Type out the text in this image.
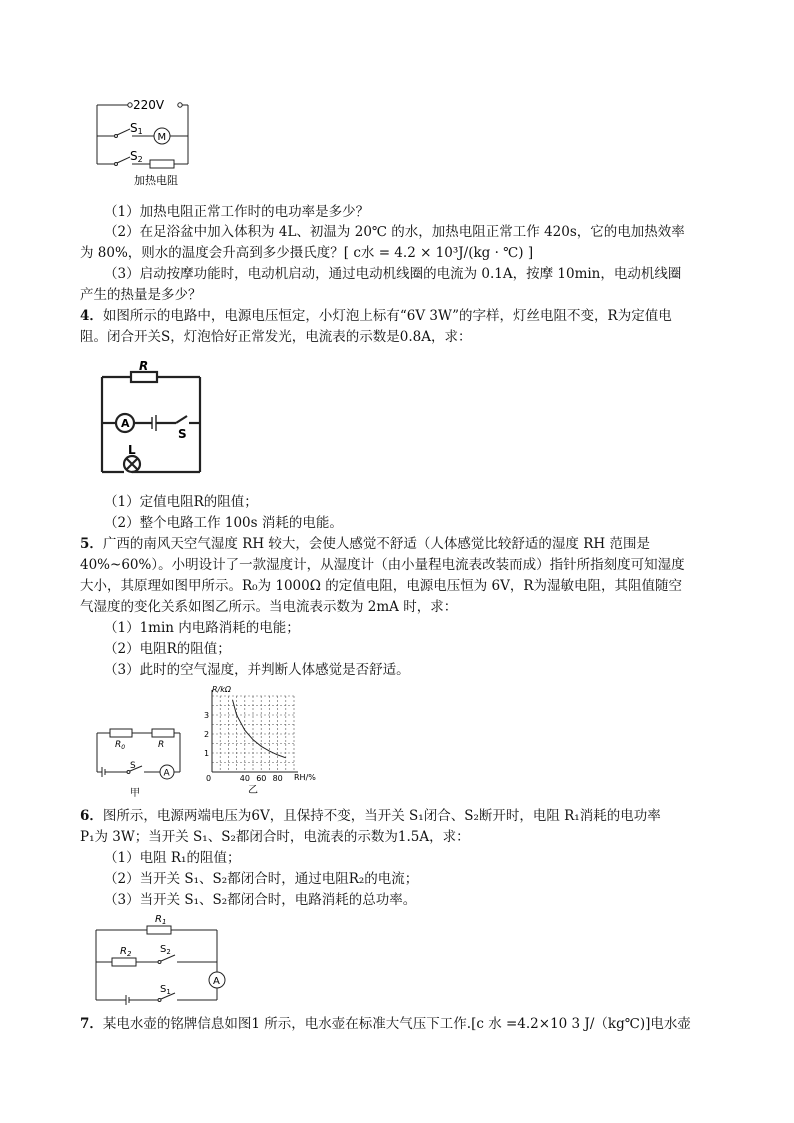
220V
S1
M
S2
加热电阻
（1）加热电阻正常工作时的电功率是多少？
（2）在足浴盆中加入体积为 4L、初温为 20℃ 的水，加热电阻正常工作 420s，它的电加热效率
为 80%，则水的温度会升高到多少摄氏度？[ c水 = 4.2 × 10³J/(kg · ℃) ]
（3）启动按摩功能时，电动机启动，通过电动机线圈的电流为 0.1A，按摩 10min，电动机线圈
产生的热量是多少？
4．如图所示的电路中，电源电压恒定，小灯泡上标有“6V 3W”的字样，灯丝电阻不变，R为定值电
阻。闭合开关S，灯泡恰好正常发光，电流表的示数是0.8A，求：
R
A
S
L
（1）定值电阻R的阻值；
（2）整个电路工作 100s 消耗的电能。
5．广西的南风天空气湿度 RH 较大，会使人感觉不舒适（人体感觉比较舒适的湿度 RH 范围是
40%~60%）。小明设计了一款湿度计，从湿度计（由小量程电流表改装而成）指针所指刻度可知湿度
大小，其原理如图甲所示。R₀为 1000Ω 的定值电阻，电源电压恒为 6V，R为湿敏电阻，其阻值随空
气湿度的变化关系如图乙所示。当电流表示数为 2mA 时，求：
（1）1min 内电路消耗的电能；
（2）电阻R的阻值；
（3）此时的空气湿度，并判断人体感觉是否舒适。
$R_0$	R
S
A
甲
3
2
1
0	40 60 80
R/kΩ
RH/%
乙
6．图所示，电源两端电压为6V，且保持不变，当开关 S₁闭合、S₂断开时，电阻 R₁消耗的电功率
P₁为 3W；当开关 S₁、S₂都闭合时，电流表的示数为1.5A，求：
（1）电阻 R₁的阻值；
（2）当开关 S₁、S₂都闭合时，通过电阻R₂的电流；
（3）当开关 S₁、S₂都闭合时，电路消耗的总功率。
$R_1$
$R_2$	$S_2$
A
$S_1$
7．某电水壶的铭牌信息如图1 所示，电水壶在标准大气压下工作.[c 水 =4.2×10 3 J/（kg℃)]电水壶
